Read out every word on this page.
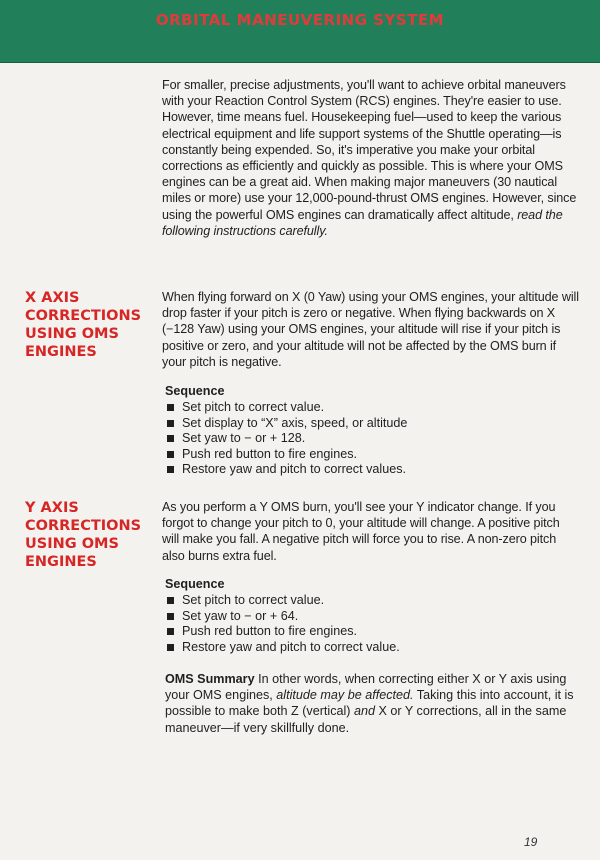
ORBITAL MANEUVERING SYSTEM
For smaller, precise adjustments, you'll want to achieve orbital maneuvers with your Reaction Control System (RCS) engines. They're easier to use. However, time means fuel. Housekeeping fuel—used to keep the various electrical equipment and life support systems of the Shuttle operating—is constantly being expended. So, it's imperative you make your orbital corrections as efficiently and quickly as possible. This is where your OMS engines can be a great aid. When making major maneuvers (30 nautical miles or more) use your 12,000-pound-thrust OMS engines. However, since using the powerful OMS engines can dramatically affect altitude, read the following instructions carefully.
X AXIS
CORRECTIONS
USING OMS
ENGINES
When flying forward on X (0 Yaw) using your OMS engines, your altitude will drop faster if your pitch is zero or negative. When flying backwards on X (−128 Yaw) using your OMS engines, your altitude will rise if your pitch is positive or zero, and your altitude will not be affected by the OMS burn if your pitch is negative.
Sequence
Set pitch to correct value.
Set display to “X” axis, speed, or altitude
Set yaw to − or + 128.
Push red button to fire engines.
Restore yaw and pitch to correct values.
Y AXIS
CORRECTIONS
USING OMS
ENGINES
As you perform a Y OMS burn, you'll see your Y indicator change. If you forgot to change your pitch to 0, your altitude will change. A positive pitch will make you fall. A negative pitch will force you to rise. A non-zero pitch also burns extra fuel.
Sequence
Set pitch to correct value.
Set yaw to − or + 64.
Push red button to fire engines.
Restore yaw and pitch to correct value.
OMS Summary In other words, when correcting either X or Y axis using your OMS engines, altitude may be affected. Taking this into account, it is possible to make both Z (vertical) and X or Y corrections, all in the same maneuver—if very skillfully done.
19
